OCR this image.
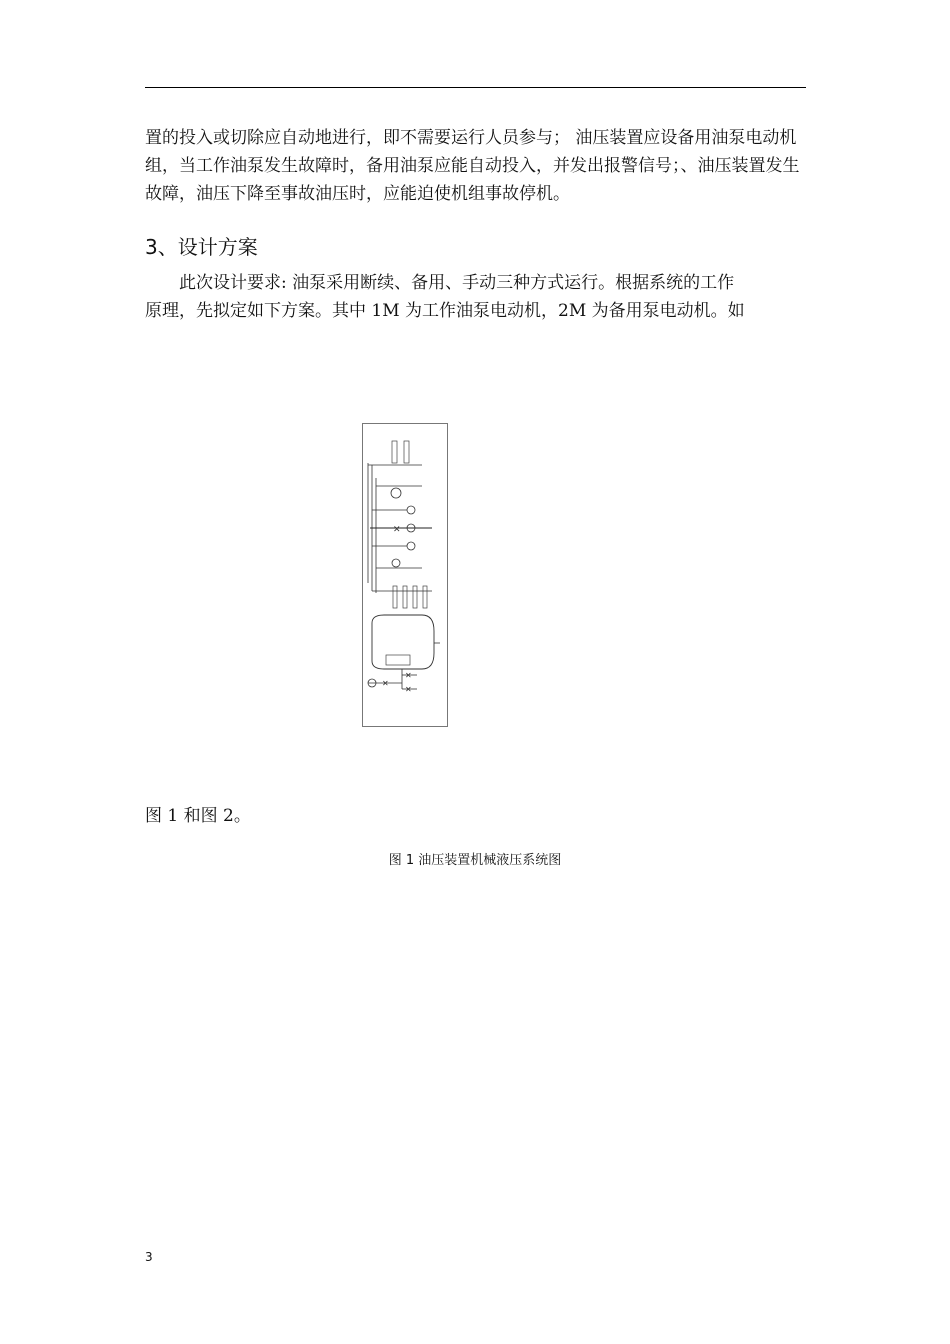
置的投入或切除应自动地进行，即不需要运行人员参与； 油压装置应设备用油泵电动机组，当工作油泵发生故障时，备用油泵应能自动投入，并发出报警信号；、油压装置发生故障，油压下降至事故油压时，应能迫使机组事故停机。

3、设计方案

此次设计要求: 油泵采用断续、备用、手动三种方式运行。根据系统的工作
原理，先拟定如下方案。其中 1M 为工作油泵电动机，2M 为备用泵电动机。如

✕
✕
✕
✕

图 1 和图 2。

图 1 油压装置机械液压系统图
3
